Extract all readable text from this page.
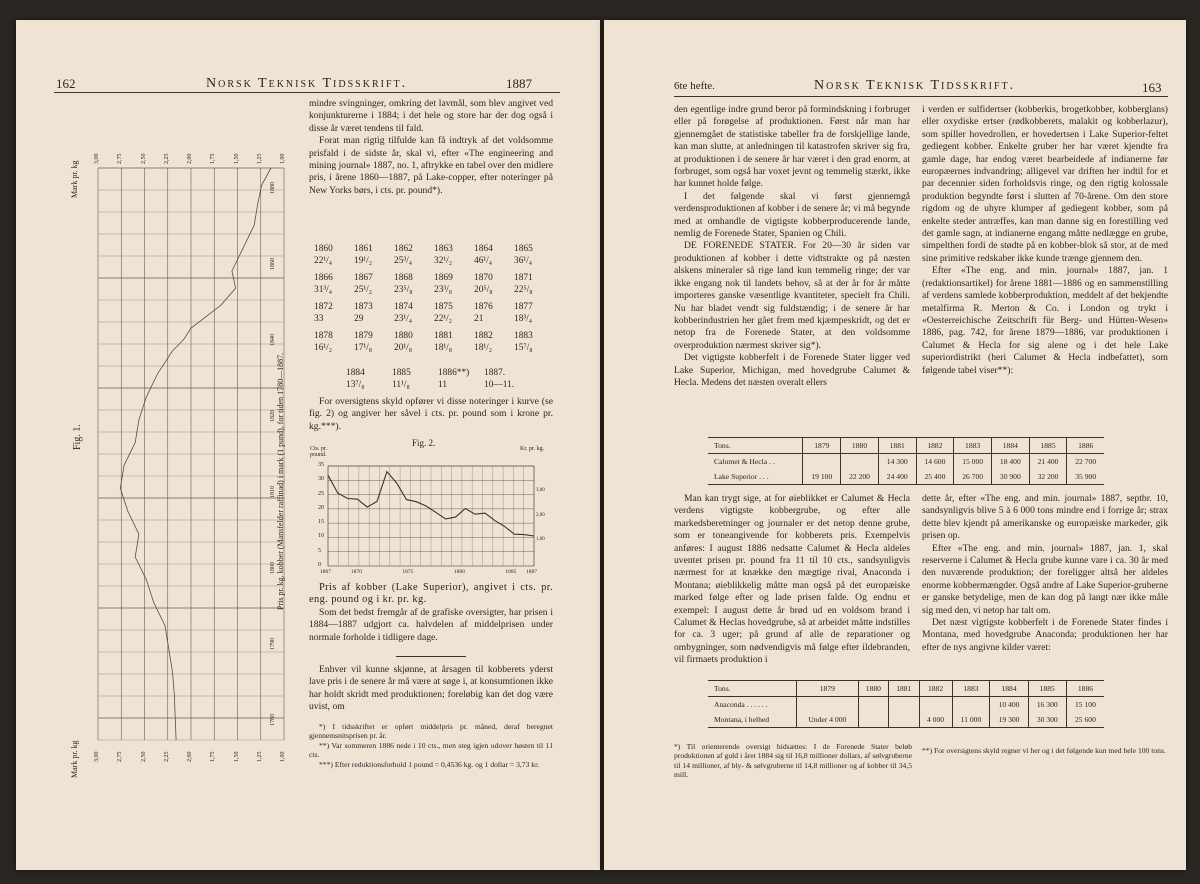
162	Norsk Teknisk Tidsskrift.	1887
Mark pr. kg
Mark pr. kg
3,00	2,75	2,50	2,25	2,00	1,75	1,50	1,25	1,00
3,00	2,75	2,50	2,25	2,00	1,75	1,50	1,25	1,00
1880
1860
1840
1820
1810
1800
1790
1780
Fig. 1.	Pris pr. kg. kobber (Mansfelder raffinad) i mark (1 pund), for tiden 1780—1887.

mindre svingninger, omkring det lavmål, som blev angivet ved konjunkturerne i 1884; i det hele og store har der dog også i disse år været tendens til fald.

Forat man rigtig tilfulde kan få indtryk af det voldsomme prisfald i de sidste år, skal vi, efter «The engineering and mining journal» 1887, no. 1, aftrykke en tabel over den midlere pris, i årene 1860—1887, på Lake-copper, efter noteringer på New Yorks børs, i cts. pr. pound*).

1860	1861	1862	1863	1864	1865
22¹/₄	19¹/₂	25³/₄	32¹/₂	46¹/₄	36¹/₄
1866	1867	1868	1869	1870	1871
31³/₄	25¹/₂	23⁵/₈	23³/₈	20⁵/₈	22⁵/₈
1872	1873	1874	1875	1876	1877
33	29	23¹/₄	22¹/₂	21	18³/₄
1878	1879	1880	1881	1882	1883
16¹/₂	17¹/₈	20¹/₈	18¹/₈	18¹/₂	15⁷/₈
1884	1885	1886**)	1887.
13⁷/₈	11¹/₈	11	10—11.

For oversigtens skyld opfører vi disse noteringer i kurve (se fig. 2) og angiver her såvel i cts. pr. pound som i krone pr. kg.***).

Fig. 2.
Cts. pr. pound.
Kr. pr. kg.
35
30
25
20
15
10
5
0
3,00
2,00
1,00
1867	1870	1875	1880	1885 1887

Pris af kobber (Lake Superior), angivet i cts. pr. eng. pound og i kr. pr. kg.

Som det bedst fremgår af de grafiske oversigter, har prisen i 1884—1887 udgjort ca. halvdelen af middelprisen under normale forholde i tidligere dage.

Enhver vil kunne skjønne, at årsagen til kobberets yderst lave pris i de senere år må være at søge i, at konsumtionen ikke har holdt skridt med produktionen; foreløbig kan det dog være uvist, om

*) I tidsskriftet er opført middelpris pr. måned, deraf beregnet gjennemsnitsprisen pr. år.

**) Var sommeren 1886 nede i 10 cts., men steg igjen udover høsten til 11 cts.

***) Efter reduktionsforhold 1 pound = 0,4536 kg. og 1 dollar = 3,73 kr.

6te hefte.	Norsk Teknisk Tidsskrift.	163

den egentlige indre grund beror på formindskning i forbruget eller på forøgelse af produktionen. Først når man har gjennemgået de statistiske tabeller fra de forskjellige lande, kan man slutte, at anledningen til katastrofen skriver sig fra, at produktionen i de senere år har været i den grad enorm, at forbruget, som også har voxet jevnt og temmelig stærkt, ikke har kunnet holde følge.

I det følgende skal vi først gjennemgå verdensproduktionen af kobber i de senere år; vi må begynde med at omhandle de vigtigste kobberproducerende lande, nemlig de Forenede Stater, Spanien og Chili.

DE FORENEDE STATER. For 20—30 år siden var produktionen af kobber i dette vidtstrakte og på næsten alskens mineraler så rige land kun temmelig ringe; der var ikke engang nok til landets behov, så at der år for år måtte importeres ganske væsentlige kvantiteter, specielt fra Chili. Nu har bladet vendt sig fuldstændig; i de senere år har kobberindustrien her gået frem med kjæmpeskridt, og det er netop fra de Forenede Stater, at den voldsomme overproduktion nærmest skriver sig*).

Det vigtigste kobberfelt i de Forenede Stater ligger ved Lake Superior, Michigan, med hovedgrube Calumet & Hecla. Medens det næsten overalt ellers

i verden er sulfidertser (kobberkis, brogetkobber, kobberglans) eller oxydiske ertser (rødkobberets, malakit og kobberlazur), som spiller hovedrollen, er hovedertsen i Lake Superior-feltet gediegent kobber. Enkelte gruber her har været kjendte fra gamle dage, har endog været bearbeidede af indianerne før europæernes indvandring; alligevel var driften her indtil for et par decennier siden forholdsvis ringe, og den rigtig kolossale produktion begyndte først i slutten af 70-årene. Om den store rigdom og de uhyre klumper af gediegent kobber, som på enkelte steder antræffes, kan man danne sig en forestilling ved det gamle sagn, at indianerne engang måtte nedlægge en grube, simpelthen fordi de stødte på en kobber-blok så stor, at de med sine primitive redskaber ikke kunde trænge gjennem den.

Efter «The eng. and min. journal» 1887, jan. 1 (redaktionsartikel) for årene 1881—1886 og en sammenstilling af verdens samlede kobberproduktion, meddelt af det bekjendte metalfirma R. Merton & Co. i London og trykt i «Oesterreichische Zeitschrift für Berg- und Hütten-Wesen» 1886, pag. 742, for årene 1879—1886, var produktionen i Calumet & Hecla for sig alene og i det hele Lake superiordistrikt (heri Calumet & Hecla indbefattet), som følgende tabel viser**):

Tons.	1879	1880	1881	1882	1883	1884	1885	1886
Calumet & Hecla . .			14 300	14 600	15 000	18 400	21 400	22 700
Lake Superior . . .	19 100	22 200	24 400	25 400	26 700	30 900	32 200	35 900

Man kan trygt sige, at for øieblikket er Calumet & Hecla verdens vigtigste kobbergrube, og efter alle markedsberetninger og journaler er det netop denne grube, som er toneangivende for kobberets pris. Exempelvis anføres: I august 1886 nedsatte Calumet & Hecla aldeles uventet prisen pr. pound fra 11 til 10 cts., sandsynligvis nærmest for at knække den mægtige rival, Anaconda i Montana; øieblikkelig måtte man også på det europæiske marked følge efter og lade prisen falde. Og endnu et exempel: I august dette år brød ud en voldsom brand i Calumet & Heclas hovedgrube, så at arbeidet måtte indstilles for ca. 3 uger; på grund af alle de reparationer og ombygninger, som nødvendigvis må følge efter ildebranden, vil firmaets produktion i

dette år, efter «The eng. and min. journal» 1887, septbr. 10, sandsynligvis blive 5 à 6 000 tons mindre end i forrige år; strax dette blev kjendt på amerikanske og europæiske markeder, gik prisen op.

Efter «The eng. and min. journal» 1887, jan. 1, skal reserverne i Calumet & Hecla grube kunne vare i ca. 30 år med den nuværende produktion; der foreligger altså her aldeles enorme kobbermængder. Også andre af Lake Superior-gruberne er ganske betydelige, men de kan dog på langt nær ikke måle sig med den, vi netop har talt om.

Det næst vigtigste kobberfelt i de Forenede Stater findes i Montana, med hovedgrube Anaconda; produktionen her har efter de nys angivne kilder været:

Tons.	1879	1880	1881	1882	1883	1884	1885	1886
Anaconda . . . . . .						10 400	16 300	15 100
Montana, i helhed	Under 4 000			4 000	11 000	19 300	30 300	25 600

*) Til orienterende oversigt hidsættes: I de Forenede Stater beløb produktionen af guld i året 1884 sig til 16,8 millioner dollars, af sølvgruberne til 14 millioner, af bly- & sølvgruberne til 14,8 millioner og af kobber til 34,5 mill.

**) For oversigtens skyld regner vi her og i det følgende kun med hele 100 tons.
